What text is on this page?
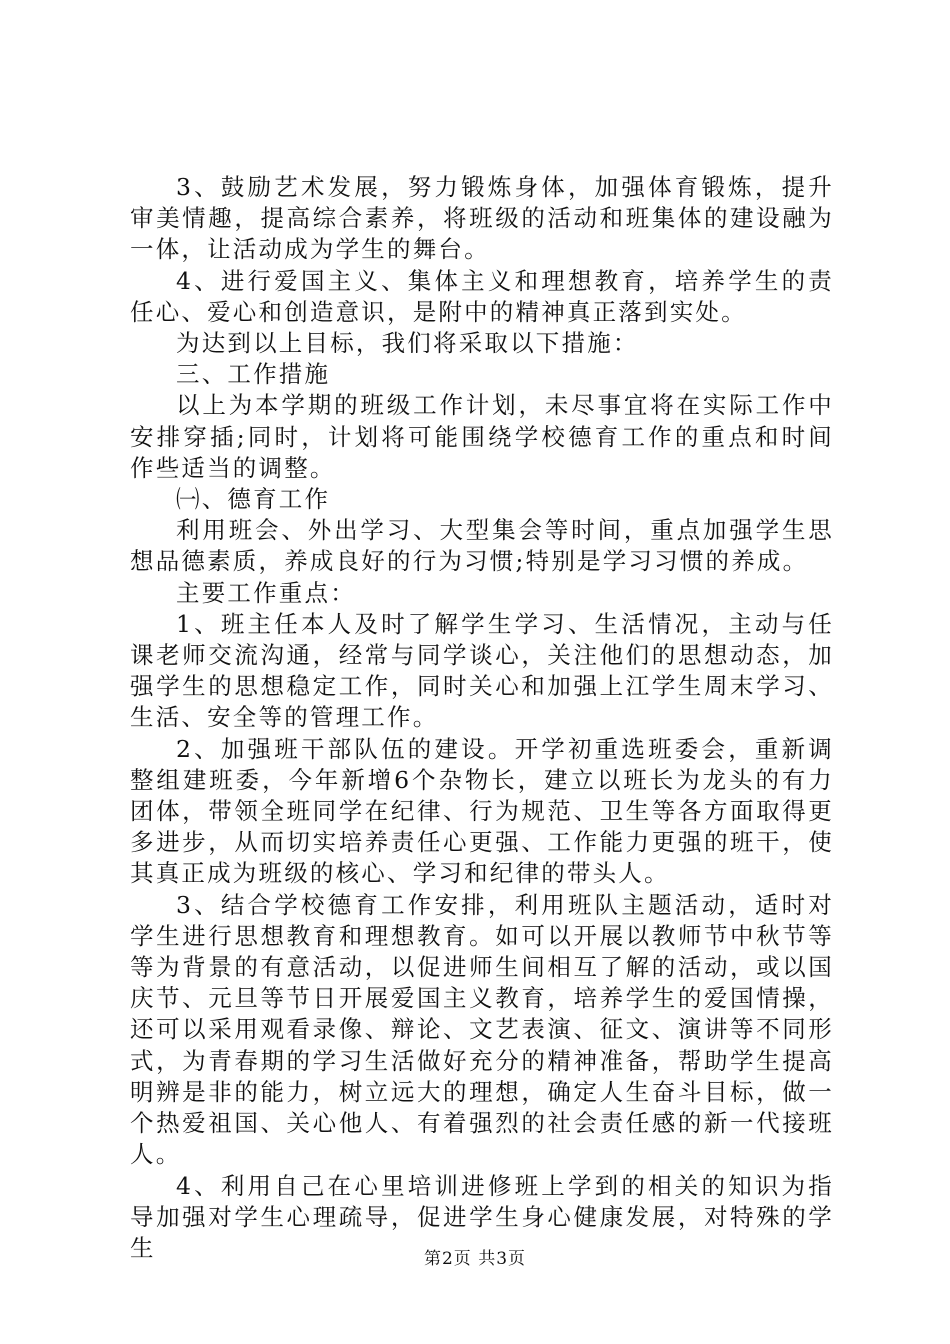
3、鼓励艺术发展，努力锻炼身体，加强体育锻炼，提升审美情趣，提高综合素养，将班级的活动和班集体的建设融为一体，让活动成为学生的舞台。

4、进行爱国主义、集体主义和理想教育，培养学生的责任心、爱心和创造意识，是附中的精神真正落到实处。

为达到以上目标，我们将采取以下措施：

三、工作措施

以上为本学期的班级工作计划，未尽事宜将在实际工作中安排穿插;同时，计划将可能围绕学校德育工作的重点和时间作些适当的调整。

㈠、德育工作

利用班会、外出学习、大型集会等时间，重点加强学生思想品德素质，养成良好的行为习惯;特别是学习习惯的养成。

主要工作重点：

1、班主任本人及时了解学生学习、生活情况，主动与任课老师交流沟通，经常与同学谈心，关注他们的思想动态，加强学生的思想稳定工作，同时关心和加强上江学生周末学习、生活、安全等的管理工作。

2、加强班干部队伍的建设。开学初重选班委会，重新调整组建班委，今年新增6个杂物长，建立以班长为龙头的有力团体，带领全班同学在纪律、行为规范、卫生等各方面取得更多进步，从而切实培养责任心更强、工作能力更强的班干，使其真正成为班级的核心、学习和纪律的带头人。

3、结合学校德育工作安排，利用班队主题活动，适时对学生进行思想教育和理想教育。如可以开展以教师节中秋节等等为背景的有意活动，以促进师生间相互了解的活动，或以国庆节、元旦等节日开展爱国主义教育，培养学生的爱国情操，还可以采用观看录像、辩论、文艺表演、征文、演讲等不同形式，为青春期的学习生活做好充分的精神准备，帮助学生提高明辨是非的能力，树立远大的理想，确定人生奋斗目标，做一个热爱祖国、关心他人、有着强烈的社会责任感的新一代接班人。

4、利用自己在心里培训进修班上学到的相关的知识为指导加强对学生心理疏导，促进学生身心健康发展，对特殊的学生	第2页 共3页
